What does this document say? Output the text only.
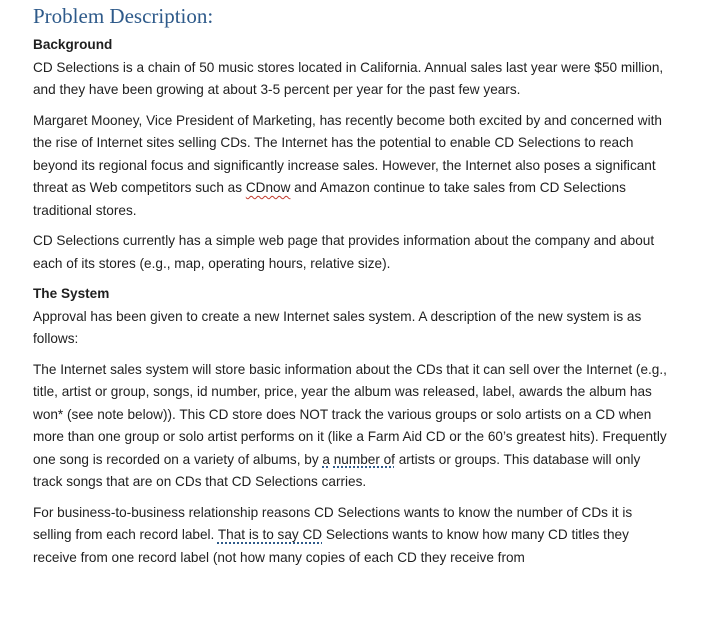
Problem Description:

Background

CD Selections is a chain of 50 music stores located in California. Annual sales last year were $50 million, and they have been growing at about 3-5 percent per year for the past few years.

Margaret Mooney, Vice President of Marketing, has recently become both excited by and concerned with the rise of Internet sites selling CDs. The Internet has the potential to enable CD Selections to reach beyond its regional focus and significantly increase sales. However, the Internet also poses a significant threat as Web competitors such as CDnow and Amazon continue to take sales from CD Selections traditional stores.

CD Selections currently has a simple web page that provides information about the company and about each of its stores (e.g., map, operating hours, relative size).

The System

Approval has been given to create a new Internet sales system. A description of the new system is as follows:

The Internet sales system will store basic information about the CDs that it can sell over the Internet (e.g., title, artist or group, songs, id number, price, year the album was released, label, awards the album has won* (see note below)). This CD store does NOT track the various groups or solo artists on a CD when more than one group or solo artist performs on it (like a Farm Aid CD or the 60’s greatest hits). Frequently one song is recorded on a variety of albums, by a number of artists or groups. This database will only track songs that are on CDs that CD Selections carries.

For business-to-business relationship reasons CD Selections wants to know the number of CDs it is selling from each record label. That is to say CD Selections wants to know how many CD titles they receive from one record label (not how many copies of each CD they receive from
